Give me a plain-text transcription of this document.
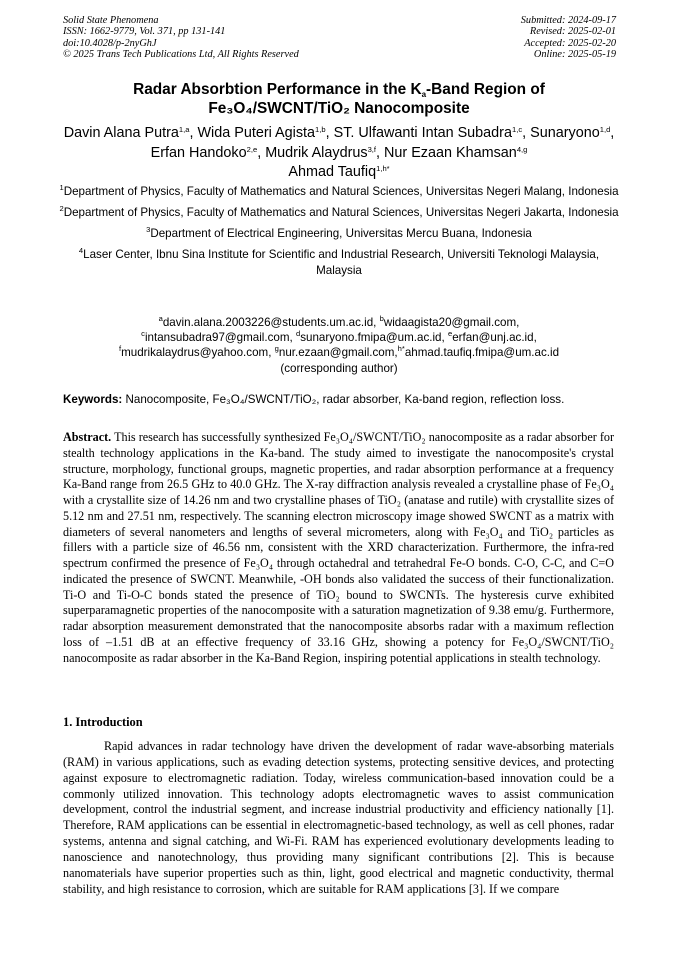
Solid State Phenomena
ISSN: 1662-9779, Vol. 371, pp 131-141
doi:10.4028/p-2nyGhJ
© 2025 Trans Tech Publications Ltd, All Rights Reserved
Submitted: 2024-09-17
Revised: 2025-02-01
Accepted: 2025-02-20
Online: 2025-05-19
Radar Absorbtion Performance in the $K_a$-Band Region of
Fe₃O₄/SWCNT/TiO₂ Nanocomposite
Davin Alana Putra$^{1,a}$, Wida Puteri Agista$^{1,b}$, ST. Ulfawanti Intan Subadra$^{1,c}$, Sunaryono$^{1,d}$, Erfan Handoko$^{2,e}$, Mudrik Alaydrus$^{3,f}$, Nur Ezaan Khamsan$^{4,g}$
Ahmad Taufiq$^{1,h*}$
$^1$Department of Physics, Faculty of Mathematics and Natural Sciences, Universitas Negeri Malang, Indonesia
$^2$Department of Physics, Faculty of Mathematics and Natural Sciences, Universitas Negeri Jakarta, Indonesia
$^3$Department of Electrical Engineering, Universitas Mercu Buana, Indonesia
$^4$Laser Center, Ibnu Sina Institute for Scientific and Industrial Research, Universiti Teknologi Malaysia, Malaysia
$^a$davin.alana.2003226@students.um.ac.id, $^b$widaagista20@gmail.com,
$^c$intansubadra97@gmail.com, $^d$sunaryono.fmipa@um.ac.id, $^e$erfan@unj.ac.id,
$^f$mudrikalaydrus@yahoo.com, $^g$nur.ezaan@gmail.com,$^{h*}$ahmad.taufiq.fmipa@um.ac.id
(corresponding author)
Keywords: Nanocomposite, Fe₃O₄/SWCNT/TiO₂, radar absorber, Ka-band region, reflection loss.
Abstract. This research has successfully synthesized Fe₃O₄/SWCNT/TiO₂ nanocomposite as a radar absorber for stealth technology applications in the Ka-band. The study aimed to investigate the nanocomposite's crystal structure, morphology, functional groups, magnetic properties, and radar absorption performance at a frequency Ka-Band range from 26.5 GHz to 40.0 GHz. The X-ray diffraction analysis revealed a crystalline phase of Fe₃O₄ with a crystallite size of 14.26 nm and two crystalline phases of TiO₂ (anatase and rutile) with crystallite sizes of 5.12 nm and 27.51 nm, respectively. The scanning electron microscopy image showed SWCNT as a matrix with diameters of several nanometers and lengths of several micrometers, along with Fe₃O₄ and TiO₂ particles as fillers with a particle size of 46.56 nm, consistent with the XRD characterization. Furthermore, the infra-red spectrum confirmed the presence of Fe₃O₄ through octahedral and tetrahedral Fe-O bonds. C-O, C-C, and C=O indicated the presence of SWCNT. Meanwhile, -OH bonds also validated the success of their functionalization. Ti-O and Ti-O-C bonds stated the presence of TiO₂ bound to SWCNTs. The hysteresis curve exhibited superparamagnetic properties of the nanocomposite with a saturation magnetization of 9.38 emu/g. Furthermore, radar absorption measurement demonstrated that the nanocomposite absorbs radar with a maximum reflection loss of –1.51 dB at an effective frequency of 33.16 GHz, showing a potency for Fe₃O₄/SWCNT/TiO₂ nanocomposite as radar absorber in the Ka-Band Region, inspiring potential applications in stealth technology.
1. Introduction
Rapid advances in radar technology have driven the development of radar wave-absorbing materials (RAM) in various applications, such as evading detection systems, protecting sensitive devices, and protecting against exposure to electromagnetic radiation. Today, wireless communication-based innovation could be a commonly utilized innovation. This technology adopts electromagnetic waves to assist communication development, control the industrial segment, and increase industrial productivity and efficiency nationally [1]. Therefore, RAM applications can be essential in electromagnetic-based technology, as well as cell phones, radar systems, antenna and signal catching, and Wi-Fi. RAM has experienced evolutionary developments leading to nanoscience and nanotechnology, thus providing many significant contributions [2]. This is because nanomaterials have superior properties such as thin, light, good electrical and magnetic conductivity, thermal stability, and high resistance to corrosion, which are suitable for RAM applications [3]. If we compare
